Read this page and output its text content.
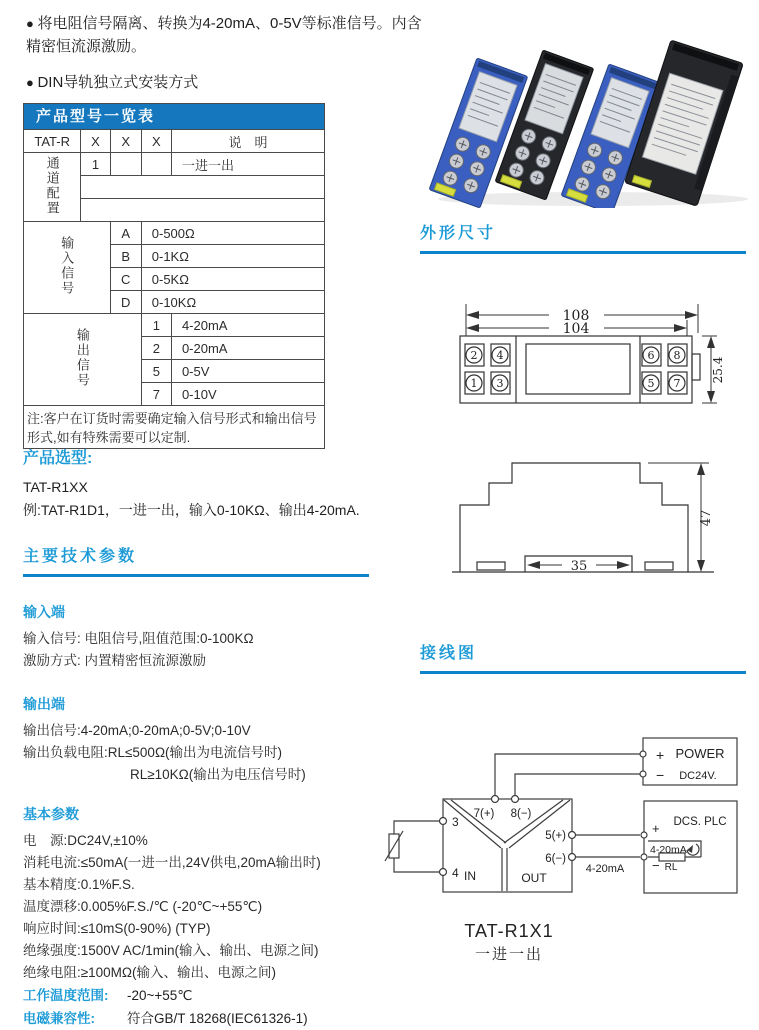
● 将电阻信号隔离、转换为4-20mA、0-5V等标准信号。内含精密恒流源激励。

● DIN导轨独立式安装方式

产品型号一览表
TAT-R	X	X	X	说　明
通道配置	1			一进一出

输入信号		A	0-500Ω	
		B	0-1KΩ	
		C	0-5KΩ	
		D	0-10KΩ	
输出信号			1	4-20mA
			2	0-20mA
			5	0-5V
			7	0-10V
注:客户在订货时需要确定输入信号形式和输出信号形式,如有特殊需要可以定制.				
产品选型:
TAT-R1XX
例:TAT-R1D1，一进一出，输入0-10KΩ、输出4-20mA.
主要技术参数
输入端
输入信号: 电阻信号,阻值范围:0-100KΩ
激励方式: 内置精密恒流源激励
输出端
输出信号:4-20mA;0-20mA;0-5V;0-10V
输出负载电阻:RL≤500Ω(输出为电流信号时)
RL≥10KΩ(输出为电压信号时)
基本参数
电　源:DC24V,±10%
消耗电流:≤50mA(一进一出,24V供电,20mA输出时)
基本精度:0.1%F.S.
温度漂移:0.005%F.S./℃ (-20℃~+55℃)
响应时间:≤10mS(0-90%) (TYP)
绝缘强度:1500V AC/1min(输入、输出、电源之间)
绝缘电阻:≥100MΩ(输入、输出、电源之间)
工作温度范围:	-20~+55℃
电磁兼容性:	符合GB/T 18268(IEC61326-1)
外形尺寸
108
104
2 4
1 3
6 8
5 7
25.4
35
47
接线图
+ POWER
− DC24V.
7(+) 8(−)
3
4
5(+)
6(−)
IN	OUT
DCS. PLC
+
−
4-20mA
RL
4-20mA
TAT-R1X1
一进一出
